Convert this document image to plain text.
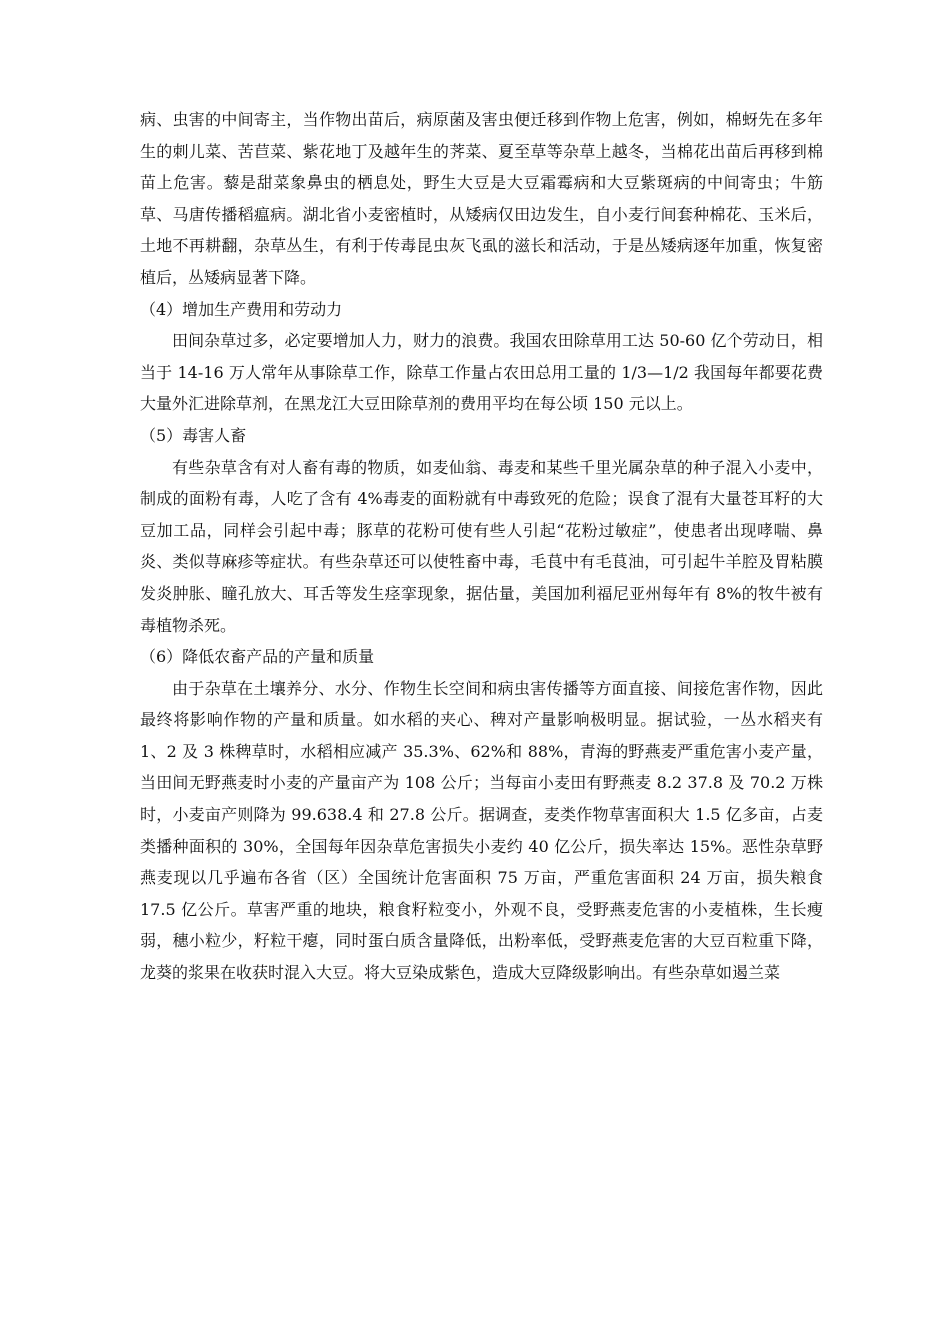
病、虫害的中间寄主，当作物出苗后，病原菌及害虫便迁移到作物上危害，例如，棉蚜先在多年生的刺儿菜、苦苣菜、紫花地丁及越年生的荠菜、夏至草等杂草上越冬，当棉花出苗后再移到棉苗上危害。藜是甜菜象鼻虫的栖息处，野生大豆是大豆霜霉病和大豆紫斑病的中间寄虫；牛筋草、马唐传播稻瘟病。湖北省小麦密植时，从矮病仅田边发生，自小麦行间套种棉花、玉米后，土地不再耕翻，杂草丛生，有利于传毒昆虫灰飞虱的滋长和活动，于是丛矮病逐年加重，恢复密植后，丛矮病显著下降。

（4）增加生产费用和劳动力

田间杂草过多，必定要增加人力，财力的浪费。我国农田除草用工达 50-60 亿个劳动日，相当于 14-16 万人常年从事除草工作，除草工作量占农田总用工量的 1/3—1/2 我国每年都要花费大量外汇进除草剂，在黑龙江大豆田除草剂的费用平均在每公顷 150 元以上。

（5）毒害人畜

有些杂草含有对人畜有毒的物质，如麦仙翁、毒麦和某些千里光属杂草的种子混入小麦中，制成的面粉有毒，人吃了含有 4%毒麦的面粉就有中毒致死的危险；误食了混有大量苍耳籽的大豆加工品，同样会引起中毒；豚草的花粉可使有些人引起“花粉过敏症”，使患者出现哮喘、鼻炎、类似荨麻疹等症状。有些杂草还可以使牲畜中毒，毛茛中有毛茛油，可引起牛羊腔及胃粘膜发炎肿胀、瞳孔放大、耳舌等发生痉挛现象，据估量，美国加利福尼亚州每年有 8%的牧牛被有毒植物杀死。

（6）降低农畜产品的产量和质量

由于杂草在土壤养分、水分、作物生长空间和病虫害传播等方面直接、间接危害作物，因此最终将影响作物的产量和质量。如水稻的夹心、稗对产量影响极明显。据试验，一丛水稻夹有 1、2 及 3 株稗草时，水稻相应减产 35.3%、62%和 88%，青海的野燕麦严重危害小麦产量，当田间无野燕麦时小麦的产量亩产为 108 公斤；当每亩小麦田有野燕麦 8.2 37.8 及 70.2 万株时，小麦亩产则降为 99.638.4 和 27.8 公斤。据调查，麦类作物草害面积大 1.5 亿多亩，占麦类播种面积的 30%，全国每年因杂草危害损失小麦约 40 亿公斤，损失率达 15%。恶性杂草野燕麦现以几乎遍布各省（区）全国统计危害面积 75 万亩，严重危害面积 24 万亩，损失粮食 17.5 亿公斤。草害严重的地块，粮食籽粒变小，外观不良，受野燕麦危害的小麦植株，生长瘦弱，穗小粒少，籽粒干瘪，同时蛋白质含量降低，出粉率低，受野燕麦危害的大豆百粒重下降，龙葵的浆果在收获时混入大豆。将大豆染成紫色，造成大豆降级影响出。有些杂草如遏兰菜
